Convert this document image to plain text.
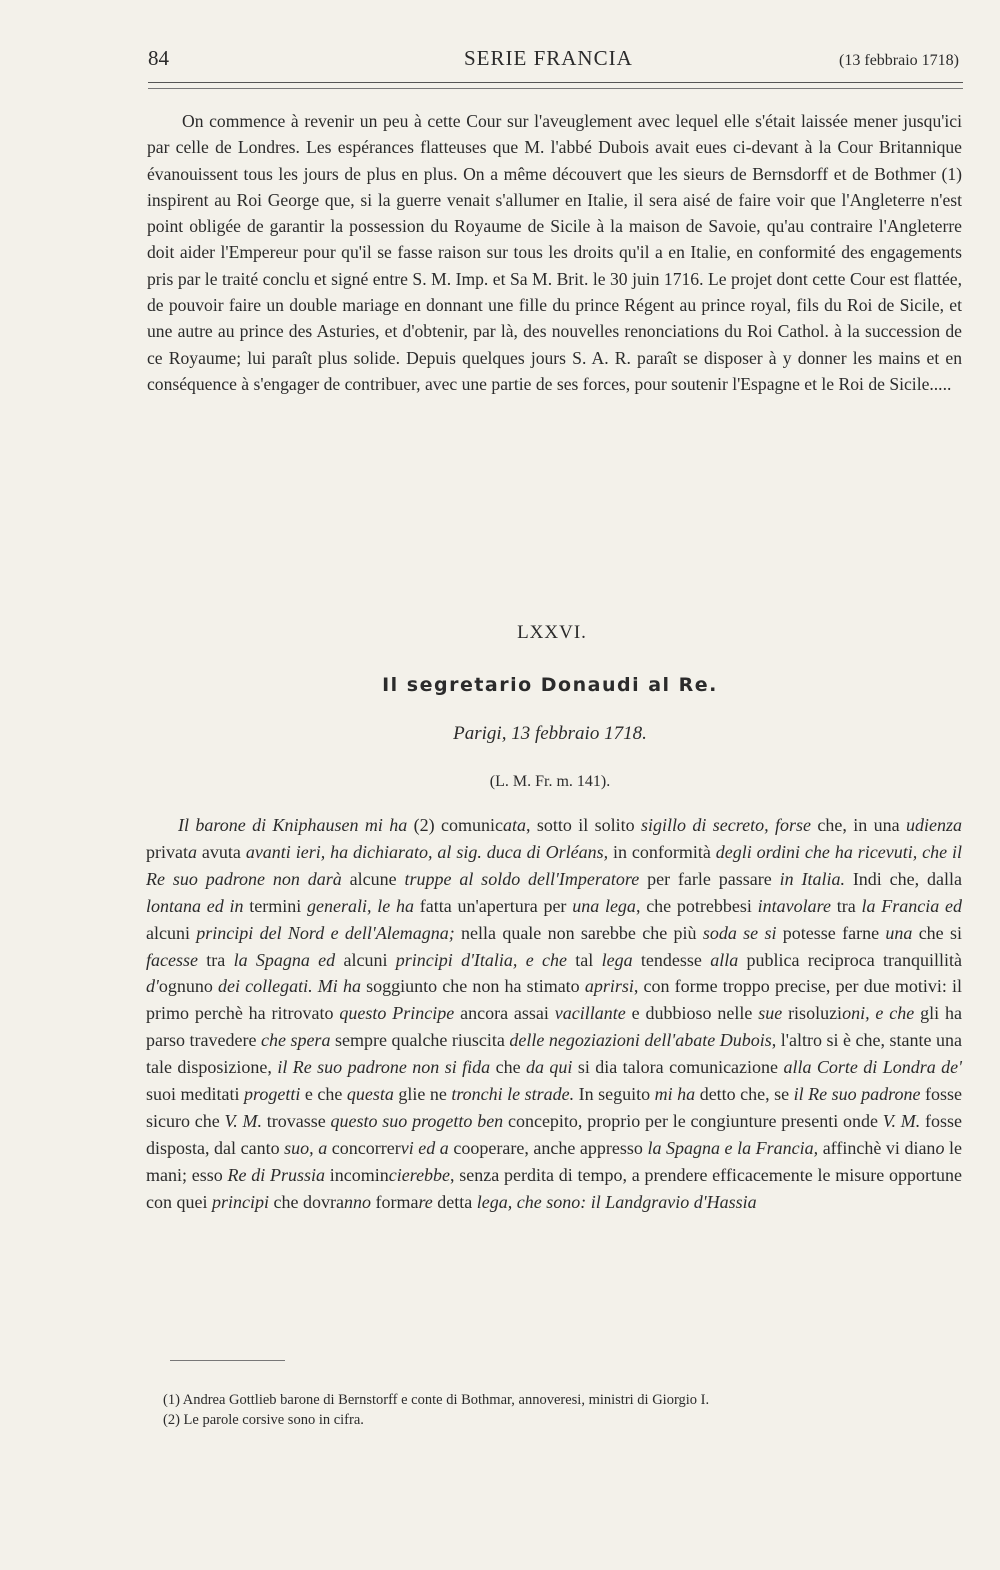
84	SERIE FRANCIA	(13 febbraio 1718)

On commence à revenir un peu à cette Cour sur l'aveuglement avec lequel elle s'était laissée mener jusqu'ici par celle de Londres. Les espérances flatteuses que M. l'abbé Dubois avait eues ci-devant à la Cour Britannique évanouissent tous les jours de plus en plus. On a même découvert que les sieurs de Bernsdorff et de Bothmer (1) inspirent au Roi George que, si la guerre venait s'allumer en Italie, il sera aisé de faire voir que l'Angleterre n'est point obligée de garantir la possession du Royaume de Sicile à la maison de Savoie, qu'au contraire l'Angleterre doit aider l'Empereur pour qu'il se fasse raison sur tous les droits qu'il a en Italie, en conformité des engagements pris par le traité conclu et signé entre S. M. Imp. et Sa M. Brit. le 30 juin 1716. Le projet dont cette Cour est flattée, de pouvoir faire un double mariage en donnant une fille du prince Régent au prince royal, fils du Roi de Sicile, et une autre au prince des Asturies, et d'obtenir, par là, des nouvelles renonciations du Roi Cathol. à la succession de ce Royaume; lui paraît plus solide. Depuis quelques jours S. A. R. paraît se disposer à y donner les mains et en conséquence à s'engager de contribuer, avec une partie de ses forces, pour soutenir l'Espagne et le Roi de Sicile.....

LXXVI.
Il segretario Donaudi al Re.
Parigi, 13 febbraio 1718.
(L. M. Fr. m. 141).

Il barone di Kniphausen mi ha (2) comunicata, sotto il solito sigillo di secreto, forse che, in una udienza privata avuta avanti ieri, ha dichiarato, al sig. duca di Orléans, in conformità degli ordini che ha ricevuti, che il Re suo padrone non darà alcune truppe al soldo dell'Imperatore per farle passare in Italia. Indi che, dalla lontana ed in termini generali, le ha fatta un'apertura per una lega, che potrebbesi intavolare tra la Francia ed alcuni principi del Nord e dell'Alemagna; nella quale non sarebbe che più soda se si potesse farne una che si facesse tra la Spagna ed alcuni principi d'Italia, e che tal lega tendesse alla publica reciproca tranquillità d'ognuno dei collegati. Mi ha soggiunto che non ha stimato aprirsi, con forme troppo precise, per due motivi: il primo perchè ha ritrovato questo Principe ancora assai vacillante e dubbioso nelle sue risoluzioni, e che gli ha parso travedere che spera sempre qualche riuscita delle negoziazioni dell'abate Dubois, l'altro si è che, stante una tale disposizione, il Re suo padrone non si fida che da qui si dia talora comunicazione alla Corte di Londra de' suoi meditati progetti e che questa glie ne tronchi le strade. In seguito mi ha detto che, se il Re suo padrone fosse sicuro che V. M. trovasse questo suo progetto ben concepito, proprio per le congiunture presenti onde V. M. fosse disposta, dal canto suo, a concorrervi ed a cooperare, anche appresso la Spagna e la Francia, affinchè vi diano le mani; esso Re di Prussia incomincierebbe, senza perdita di tempo, a prendere efficacemente le misure opportune con quei principi che dovranno formare detta lega, che sono: il Landgravio d'Hassia

(1) Andrea Gottlieb barone di Bernstorff e conte di Bothmar, annoveresi, ministri di Giorgio I.
(2) Le parole corsive sono in cifra.
